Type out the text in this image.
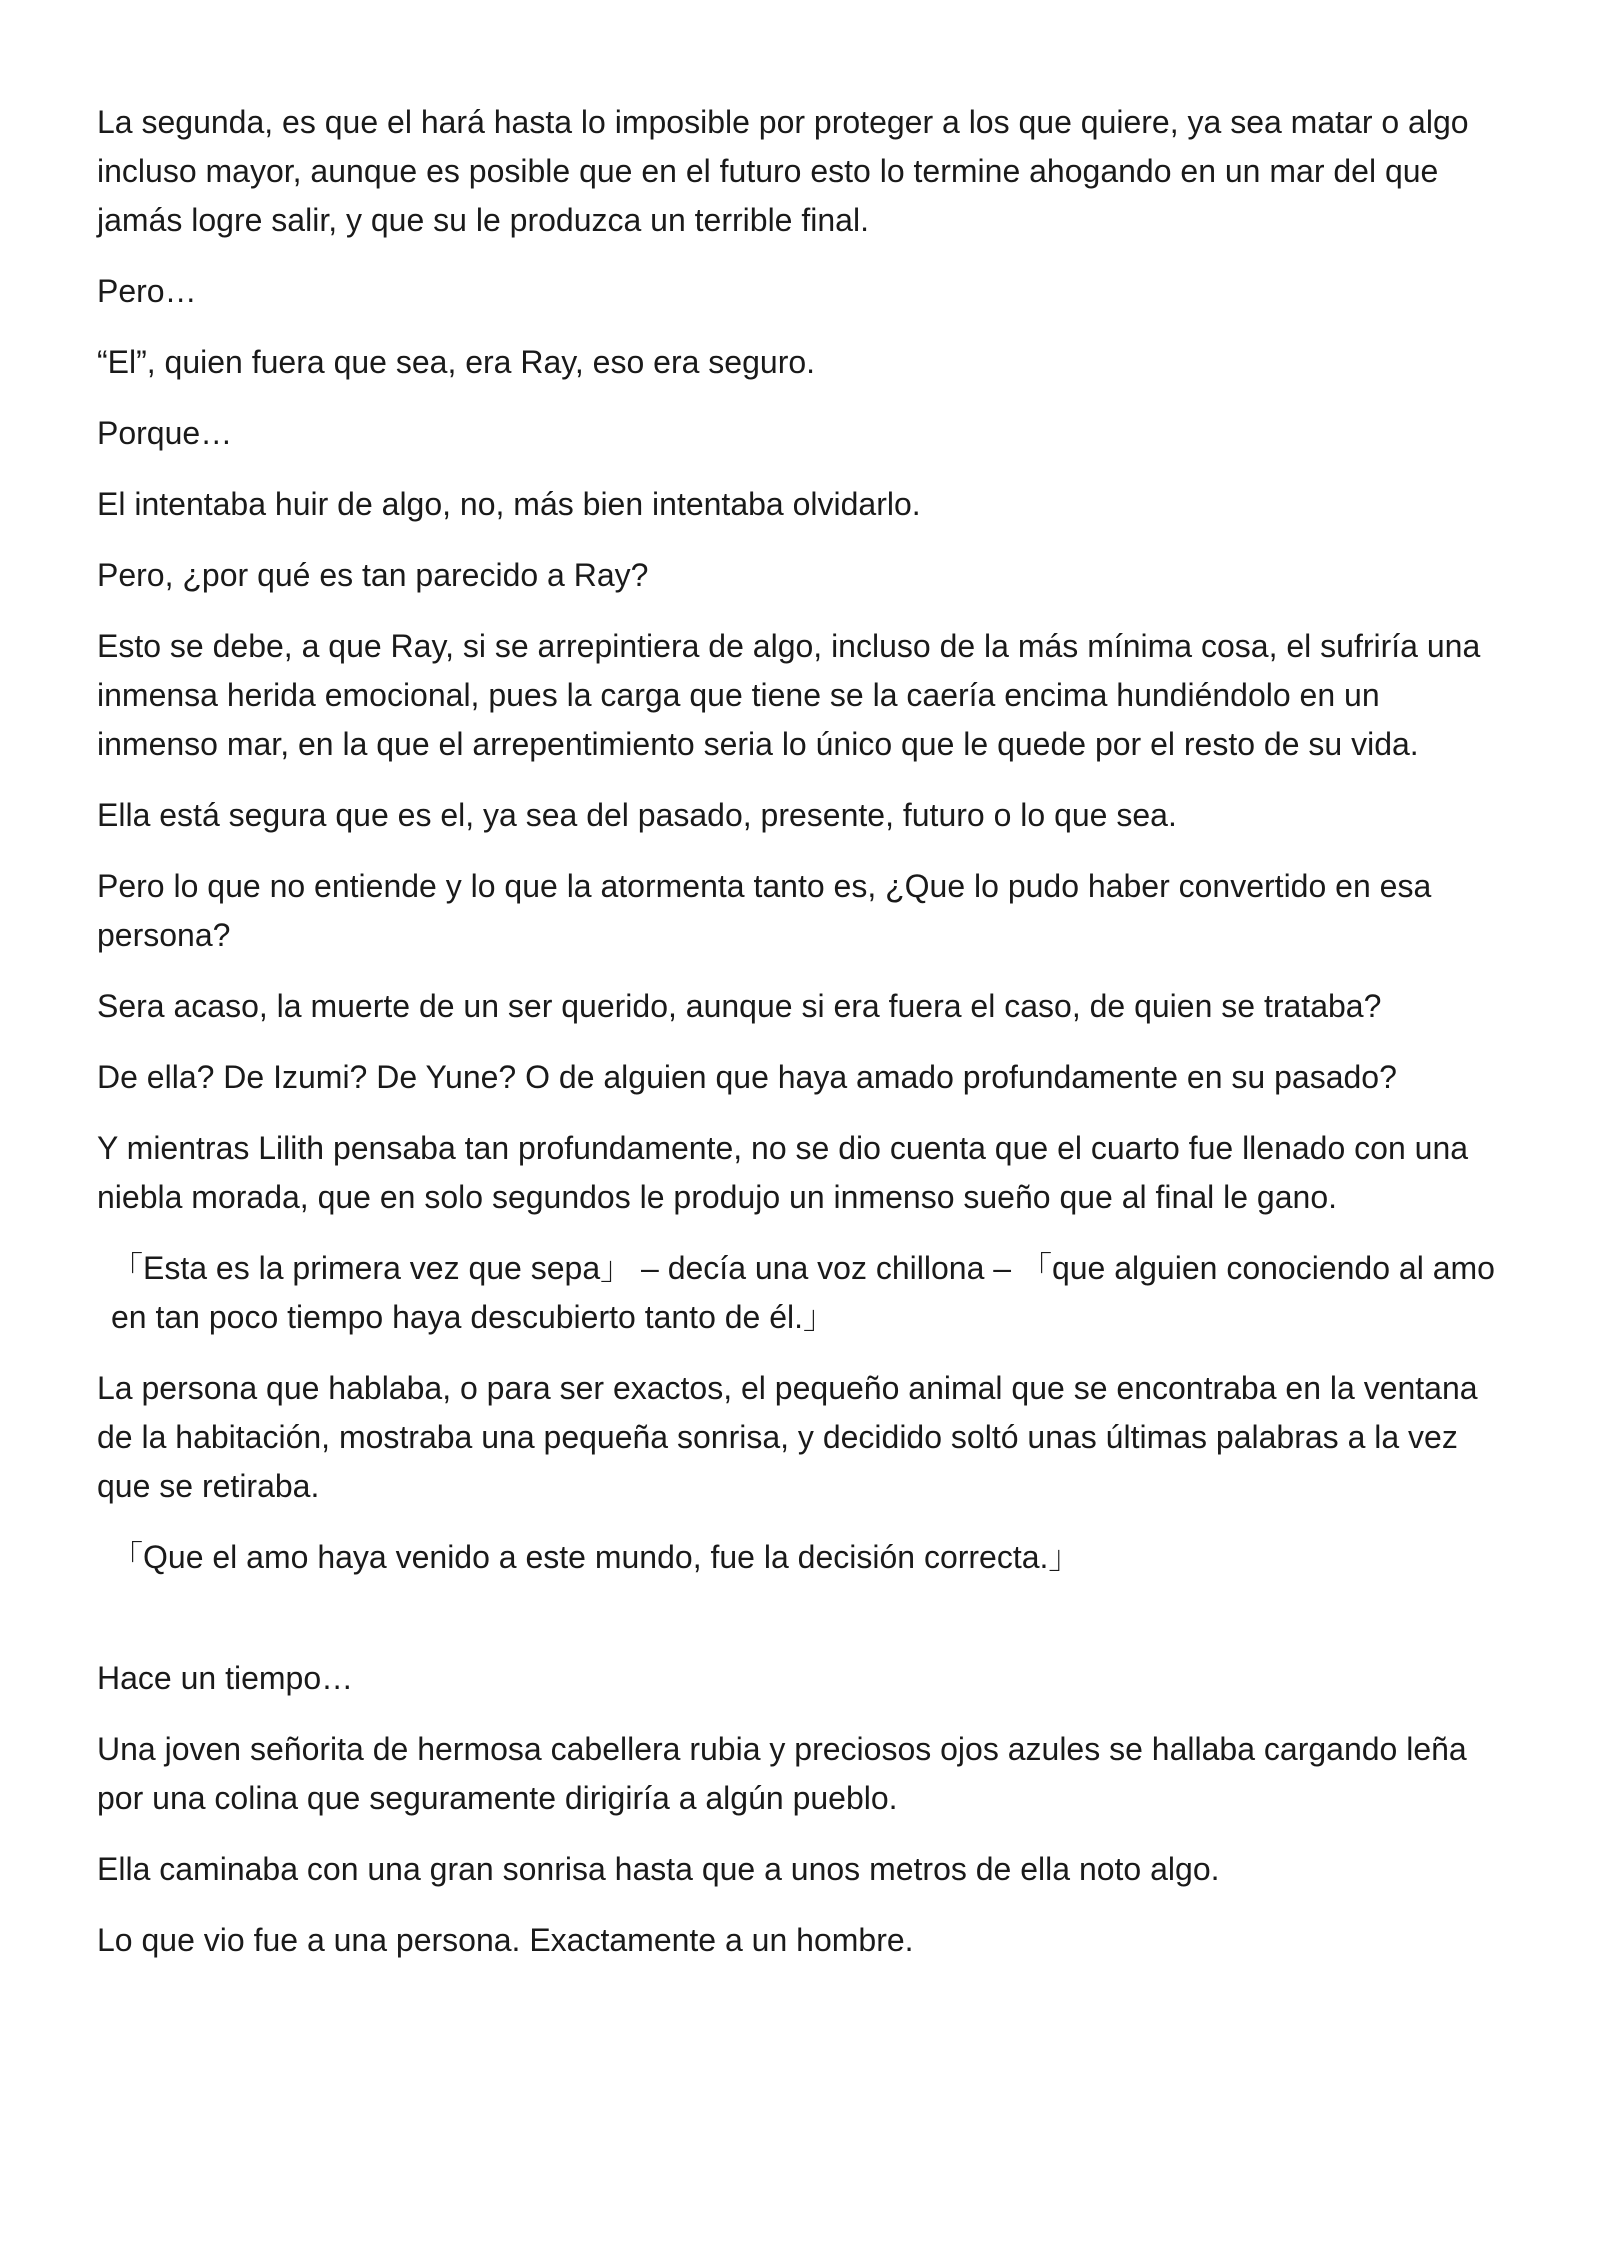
La segunda, es que el hará hasta lo imposible por proteger a los que quiere, ya sea matar o algo incluso mayor, aunque es posible que en el futuro esto lo termine ahogando en un mar del que jamás logre salir, y que su le produzca un terrible final.

Pero…

“El”, quien fuera que sea, era Ray, eso era seguro.

Porque…

El intentaba huir de algo, no, más bien intentaba olvidarlo.

Pero, ¿por qué es tan parecido a Ray?

Esto se debe, a que Ray, si se arrepintiera de algo, incluso de la más mínima cosa, el sufriría una inmensa herida emocional, pues la carga que tiene se la caería encima hundiéndolo en un inmenso mar, en la que el arrepentimiento seria lo único que le quede por el resto de su vida.

Ella está segura que es el, ya sea del pasado, presente, futuro o lo que sea.

Pero lo que no entiende y lo que la atormenta tanto es, ¿Que lo pudo haber convertido en esa persona?

Sera acaso, la muerte de un ser querido, aunque si era fuera el caso, de quien se trataba?

De ella? De Izumi? De Yune? O de alguien que haya amado profundamente en su pasado?

Y mientras Lilith pensaba tan profundamente, no se dio cuenta que el cuarto fue llenado con una niebla morada, que en solo segundos le produjo un inmenso sueño que al final le gano.

「Esta es la primera vez que sepa」 – decía una voz chillona – 「que alguien conociendo al amo en tan poco tiempo haya descubierto tanto de él.」

La persona que hablaba, o para ser exactos, el pequeño animal que se encontraba en la ventana de la habitación, mostraba una pequeña sonrisa, y decidido soltó unas últimas palabras a la vez que se retiraba.

「Que el amo haya venido a este mundo, fue la decisión correcta.」

Hace un tiempo…

Una joven señorita de hermosa cabellera rubia y preciosos ojos azules se hallaba cargando leña por una colina que seguramente dirigiría a algún pueblo.

Ella caminaba con una gran sonrisa hasta que a unos metros de ella noto algo.

Lo que vio fue a una persona. Exactamente a un hombre.
